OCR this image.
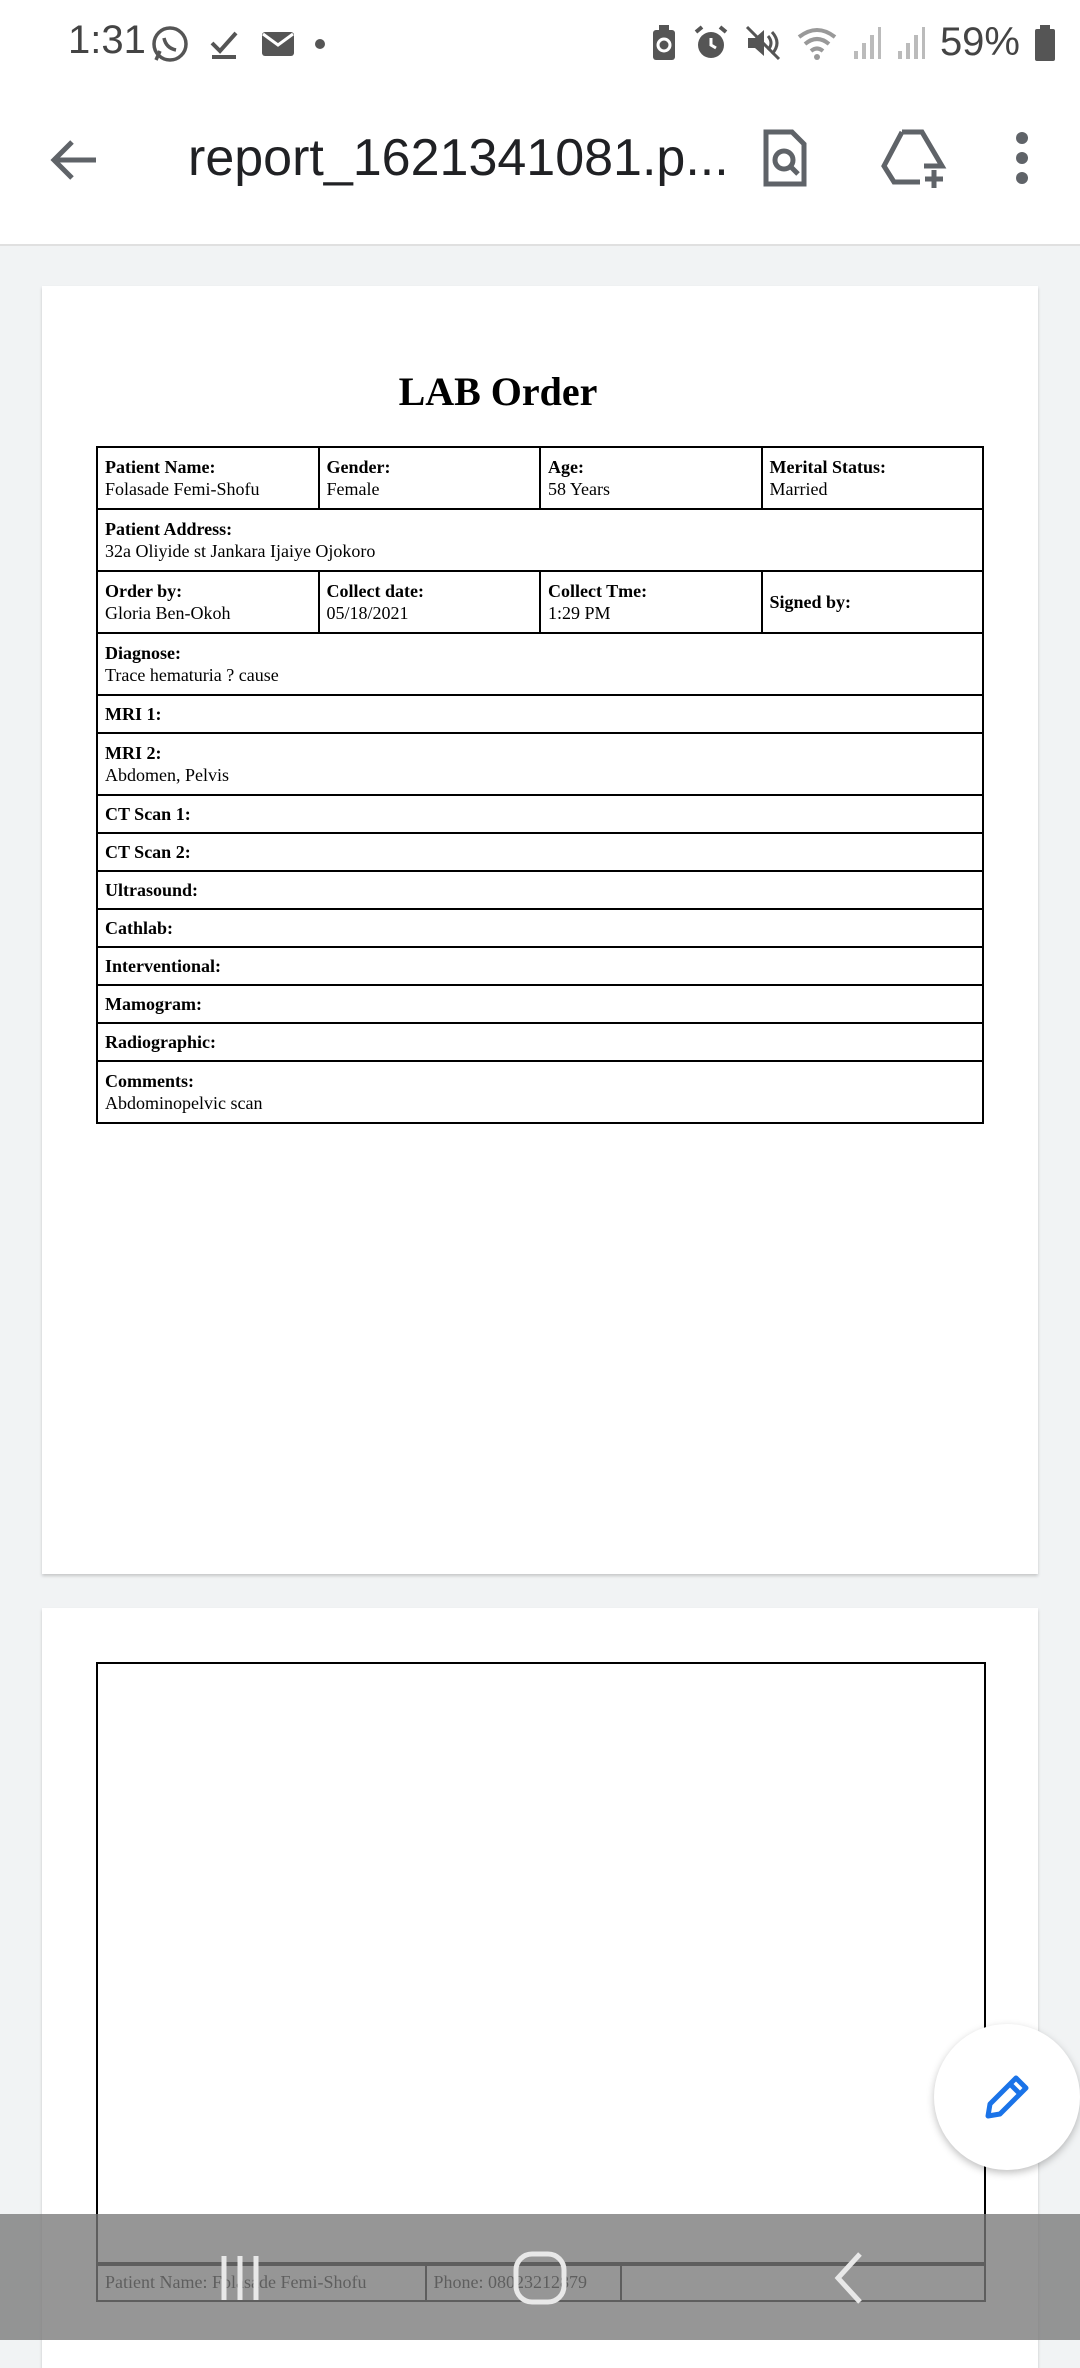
1:31	59%
report_1621341081.p...
LAB Order
Patient Name:
Folasade Femi-Shofu	Gender:
Female	Age:
58 Years	Merital Status:
Married

Patient Address:
32a Oliyide st Jankara Ijaiye Ojokoro			

Order by:
Gloria Ben-Okoh	Collect date:
05/18/2021	Collect Tme:
1:29 PM	Signed by:

Diagnose:
Trace hematuria ? cause			

MRI 1:			

MRI 2:
Abdomen, Pelvis			

CT Scan 1:			

CT Scan 2:			

Ultrasound:			

Cathlab:			

Interventional:			

Mamogram:			

Radiographic:			

Comments:
Abdominopelvic scan			
